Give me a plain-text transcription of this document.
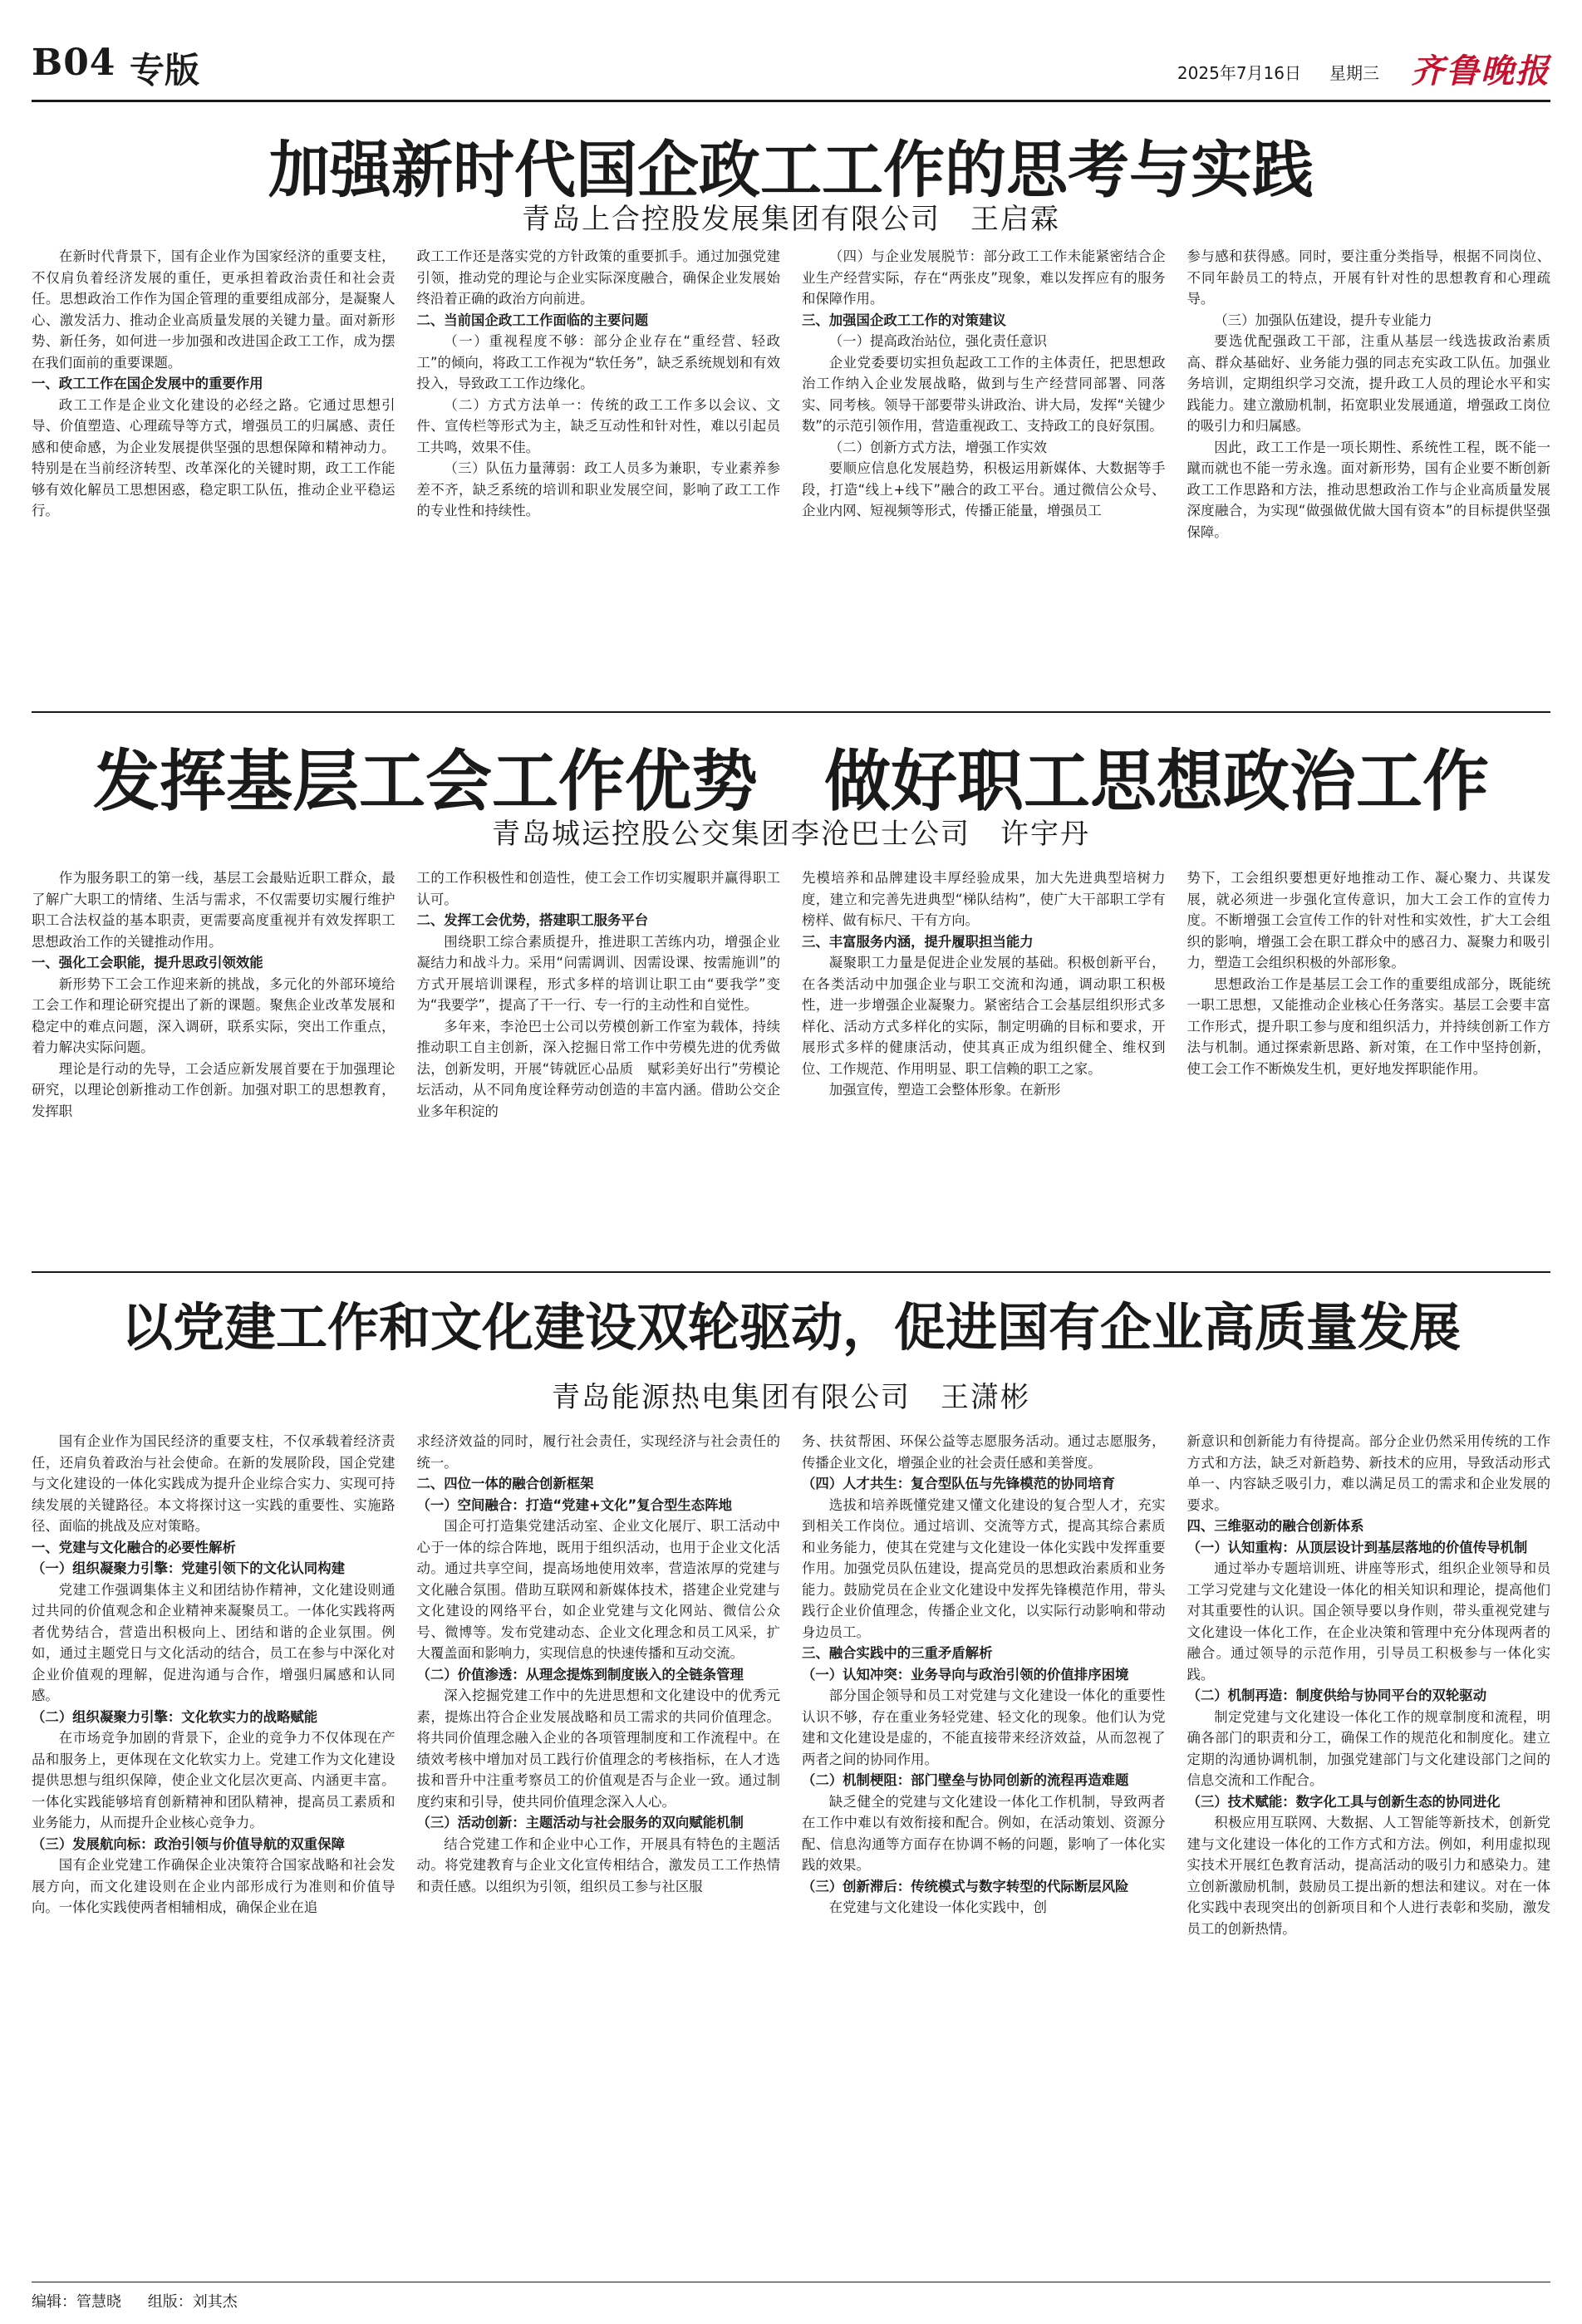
B04 专版	2025年7月16日 星期三 齐鲁晚报
加强新时代国企政工工作的思考与实践
青岛上合控股发展集团有限公司　王启霖

在新时代背景下，国有企业作为国家经济的重要支柱，不仅肩负着经济发展的重任，更承担着政治责任和社会责任。思想政治工作作为国企管理的重要组成部分，是凝聚人心、激发活力、推动企业高质量发展的关键力量。面对新形势、新任务，如何进一步加强和改进国企政工工作，成为摆在我们面前的重要课题。

一、政工工作在国企发展中的重要作用

政工工作是企业文化建设的必经之路。它通过思想引导、价值塑造、心理疏导等方式，增强员工的归属感、责任感和使命感，为企业发展提供坚强的思想保障和精神动力。特别是在当前经济转型、改革深化的关键时期，政工工作能够有效化解员工思想困惑，稳定职工队伍，推动企业平稳运行。

政工工作还是落实党的方针政策的重要抓手。通过加强党建引领，推动党的理论与企业实际深度融合，确保企业发展始终沿着正确的政治方向前进。

二、当前国企政工工作面临的主要问题

（一）重视程度不够：部分企业存在“重经营、轻政工”的倾向，将政工工作视为“软任务”，缺乏系统规划和有效投入，导致政工工作边缘化。

（二）方式方法单一：传统的政工工作多以会议、文件、宣传栏等形式为主，缺乏互动性和针对性，难以引起员工共鸣，效果不佳。

（三）队伍力量薄弱：政工人员多为兼职，专业素养参差不齐，缺乏系统的培训和职业发展空间，影响了政工工作的专业性和持续性。

（四）与企业发展脱节：部分政工工作未能紧密结合企业生产经营实际，存在“两张皮”现象，难以发挥应有的服务和保障作用。

三、加强国企政工工作的对策建议

（一）提高政治站位，强化责任意识

企业党委要切实担负起政工工作的主体责任，把思想政治工作纳入企业发展战略，做到与生产经营同部署、同落实、同考核。领导干部要带头讲政治、讲大局，发挥“关键少数”的示范引领作用，营造重视政工、支持政工的良好氛围。

（二）创新方式方法，增强工作实效

要顺应信息化发展趋势，积极运用新媒体、大数据等手段，打造“线上+线下”融合的政工平台。通过微信公众号、企业内网、短视频等形式，传播正能量，增强员工

参与感和获得感。同时，要注重分类指导，根据不同岗位、不同年龄员工的特点，开展有针对性的思想教育和心理疏导。

（三）加强队伍建设，提升专业能力

要选优配强政工干部，注重从基层一线选拔政治素质高、群众基础好、业务能力强的同志充实政工队伍。加强业务培训，定期组织学习交流，提升政工人员的理论水平和实践能力。建立激励机制，拓宽职业发展通道，增强政工岗位的吸引力和归属感。

因此，政工工作是一项长期性、系统性工程，既不能一蹴而就也不能一劳永逸。面对新形势，国有企业要不断创新政工工作思路和方法，推动思想政治工作与企业高质量发展深度融合，为实现“做强做优做大国有资本”的目标提供坚强保障。

发挥基层工会工作优势　做好职工思想政治工作
青岛城运控股公交集团李沧巴士公司　许宇丹

作为服务职工的第一线，基层工会最贴近职工群众，最了解广大职工的情绪、生活与需求，不仅需要切实履行维护职工合法权益的基本职责，更需要高度重视并有效发挥职工思想政治工作的关键推动作用。

一、强化工会职能，提升思政引领效能

新形势下工会工作迎来新的挑战，多元化的外部环境给工会工作和理论研究提出了新的课题。聚焦企业改革发展和稳定中的难点问题，深入调研，联系实际，突出工作重点，着力解决实际问题。

理论是行动的先导，工会适应新发展首要在于加强理论研究，以理论创新推动工作创新。加强对职工的思想教育，发挥职

工的工作积极性和创造性，使工会工作切实履职并赢得职工认可。

二、发挥工会优势，搭建职工服务平台

围绕职工综合素质提升，推进职工苦练内功，增强企业凝结力和战斗力。采用“问需调训、因需设课、按需施训”的方式开展培训课程，形式多样的培训让职工由“要我学”变为“我要学”，提高了干一行、专一行的主动性和自觉性。

多年来，李沧巴士公司以劳模创新工作室为载体，持续推动职工自主创新，深入挖掘日常工作中劳模先进的优秀做法，创新发明，开展“铸就匠心品质　赋彩美好出行”劳模论坛活动，从不同角度诠释劳动创造的丰富内涵。借助公交企业多年积淀的

先模培养和品牌建设丰厚经验成果，加大先进典型培树力度，建立和完善先进典型“梯队结构”，使广大干部职工学有榜样、做有标尺、干有方向。

三、丰富服务内涵，提升履职担当能力

凝聚职工力量是促进企业发展的基础。积极创新平台，在各类活动中加强企业与职工交流和沟通，调动职工积极性，进一步增强企业凝聚力。紧密结合工会基层组织形式多样化、活动方式多样化的实际，制定明确的目标和要求，开展形式多样的健康活动，使其真正成为组织健全、维权到位、工作规范、作用明显、职工信赖的职工之家。

加强宣传，塑造工会整体形象。在新形

势下，工会组织要想更好地推动工作、凝心聚力、共谋发展，就必须进一步强化宣传意识，加大工会工作的宣传力度。不断增强工会宣传工作的针对性和实效性，扩大工会组织的影响，增强工会在职工群众中的感召力、凝聚力和吸引力，塑造工会组织积极的外部形象。

思想政治工作是基层工会工作的重要组成部分，既能统一职工思想，又能推动企业核心任务落实。基层工会要丰富工作形式，提升职工参与度和组织活力，并持续创新工作方法与机制。通过探索新思路、新对策，在工作中坚持创新，使工会工作不断焕发生机，更好地发挥职能作用。

以党建工作和文化建设双轮驱动，促进国有企业高质量发展
青岛能源热电集团有限公司　王潇彬

国有企业作为国民经济的重要支柱，不仅承载着经济责任，还肩负着政治与社会使命。在新的发展阶段，国企党建与文化建设的一体化实践成为提升企业综合实力、实现可持续发展的关键路径。本文将探讨这一实践的重要性、实施路径、面临的挑战及应对策略。

一、党建与文化融合的必要性解析
（一）组织凝聚力引擎：党建引领下的文化认同构建

党建工作强调集体主义和团结协作精神，文化建设则通过共同的价值观念和企业精神来凝聚员工。一体化实践将两者优势结合，营造出积极向上、团结和谐的企业氛围。例如，通过主题党日与文化活动的结合，员工在参与中深化对企业价值观的理解，促进沟通与合作，增强归属感和认同感。

（二）组织凝聚力引擎：文化软实力的战略赋能

在市场竞争加剧的背景下，企业的竞争力不仅体现在产品和服务上，更体现在文化软实力上。党建工作为文化建设提供思想与组织保障，使企业文化层次更高、内涵更丰富。一体化实践能够培育创新精神和团队精神，提高员工素质和业务能力，从而提升企业核心竞争力。

（三）发展航向标：政治引领与价值导航的双重保障

国有企业党建工作确保企业决策符合国家战略和社会发展方向，而文化建设则在企业内部形成行为准则和价值导向。一体化实践使两者相辅相成，确保企业在追

求经济效益的同时，履行社会责任，实现经济与社会责任的统一。

二、四位一体的融合创新框架
（一）空间融合：打造“党建+文化”复合型生态阵地

国企可打造集党建活动室、企业文化展厅、职工活动中心于一体的综合阵地，既用于组织活动，也用于企业文化活动。通过共享空间，提高场地使用效率，营造浓厚的党建与文化融合氛围。借助互联网和新媒体技术，搭建企业党建与文化建设的网络平台，如企业党建与文化网站、微信公众号、微博等。发布党建动态、企业文化理念和员工风采，扩大覆盖面和影响力，实现信息的快速传播和互动交流。

（二）价值渗透：从理念提炼到制度嵌入的全链条管理

深入挖掘党建工作中的先进思想和文化建设中的优秀元素，提炼出符合企业发展战略和员工需求的共同价值理念。将共同价值理念融入企业的各项管理制度和工作流程中。在绩效考核中增加对员工践行价值理念的考核指标，在人才选拔和晋升中注重考察员工的价值观是否与企业一致。通过制度约束和引导，使共同价值理念深入人心。

（三）活动创新：主题活动与社会服务的双向赋能机制

结合党建工作和企业中心工作，开展具有特色的主题活动。将党建教育与企业文化宣传相结合，激发员工工作热情和责任感。以组织为引领，组织员工参与社区服

务、扶贫帮困、环保公益等志愿服务活动。通过志愿服务，传播企业文化，增强企业的社会责任感和美誉度。

（四）人才共生：复合型队伍与先锋模范的协同培育

选拔和培养既懂党建又懂文化建设的复合型人才，充实到相关工作岗位。通过培训、交流等方式，提高其综合素质和业务能力，使其在党建与文化建设一体化实践中发挥重要作用。加强党员队伍建设，提高党员的思想政治素质和业务能力。鼓励党员在企业文化建设中发挥先锋模范作用，带头践行企业价值理念，传播企业文化，以实际行动影响和带动身边员工。

三、融合实践中的三重矛盾解析
（一）认知冲突：业务导向与政治引领的价值排序困境

部分国企领导和员工对党建与文化建设一体化的重要性认识不够，存在重业务轻党建、轻文化的现象。他们认为党建和文化建设是虚的，不能直接带来经济效益，从而忽视了两者之间的协同作用。

（二）机制梗阻：部门壁垒与协同创新的流程再造难题

缺乏健全的党建与文化建设一体化工作机制，导致两者在工作中难以有效衔接和配合。例如，在活动策划、资源分配、信息沟通等方面存在协调不畅的问题，影响了一体化实践的效果。

（三）创新滞后：传统模式与数字转型的代际断层风险

在党建与文化建设一体化实践中，创

新意识和创新能力有待提高。部分企业仍然采用传统的工作方式和方法，缺乏对新趋势、新技术的应用，导致活动形式单一、内容缺乏吸引力，难以满足员工的需求和企业发展的要求。

四、三维驱动的融合创新体系
（一）认知重构：从顶层设计到基层落地的价值传导机制

通过举办专题培训班、讲座等形式，组织企业领导和员工学习党建与文化建设一体化的相关知识和理论，提高他们对其重要性的认识。国企领导要以身作则，带头重视党建与文化建设一体化工作，在企业决策和管理中充分体现两者的融合。通过领导的示范作用，引导员工积极参与一体化实践。

（二）机制再造：制度供给与协同平台的双轮驱动

制定党建与文化建设一体化工作的规章制度和流程，明确各部门的职责和分工，确保工作的规范化和制度化。建立定期的沟通协调机制，加强党建部门与文化建设部门之间的信息交流和工作配合。

（三）技术赋能：数字化工具与创新生态的协同进化

积极应用互联网、大数据、人工智能等新技术，创新党建与文化建设一体化的工作方式和方法。例如，利用虚拟现实技术开展红色教育活动，提高活动的吸引力和感染力。建立创新激励机制，鼓励员工提出新的想法和建议。对在一体化实践中表现突出的创新项目和个人进行表彰和奖励，激发员工的创新热情。

编辑：管慧晓 组版：刘其杰
